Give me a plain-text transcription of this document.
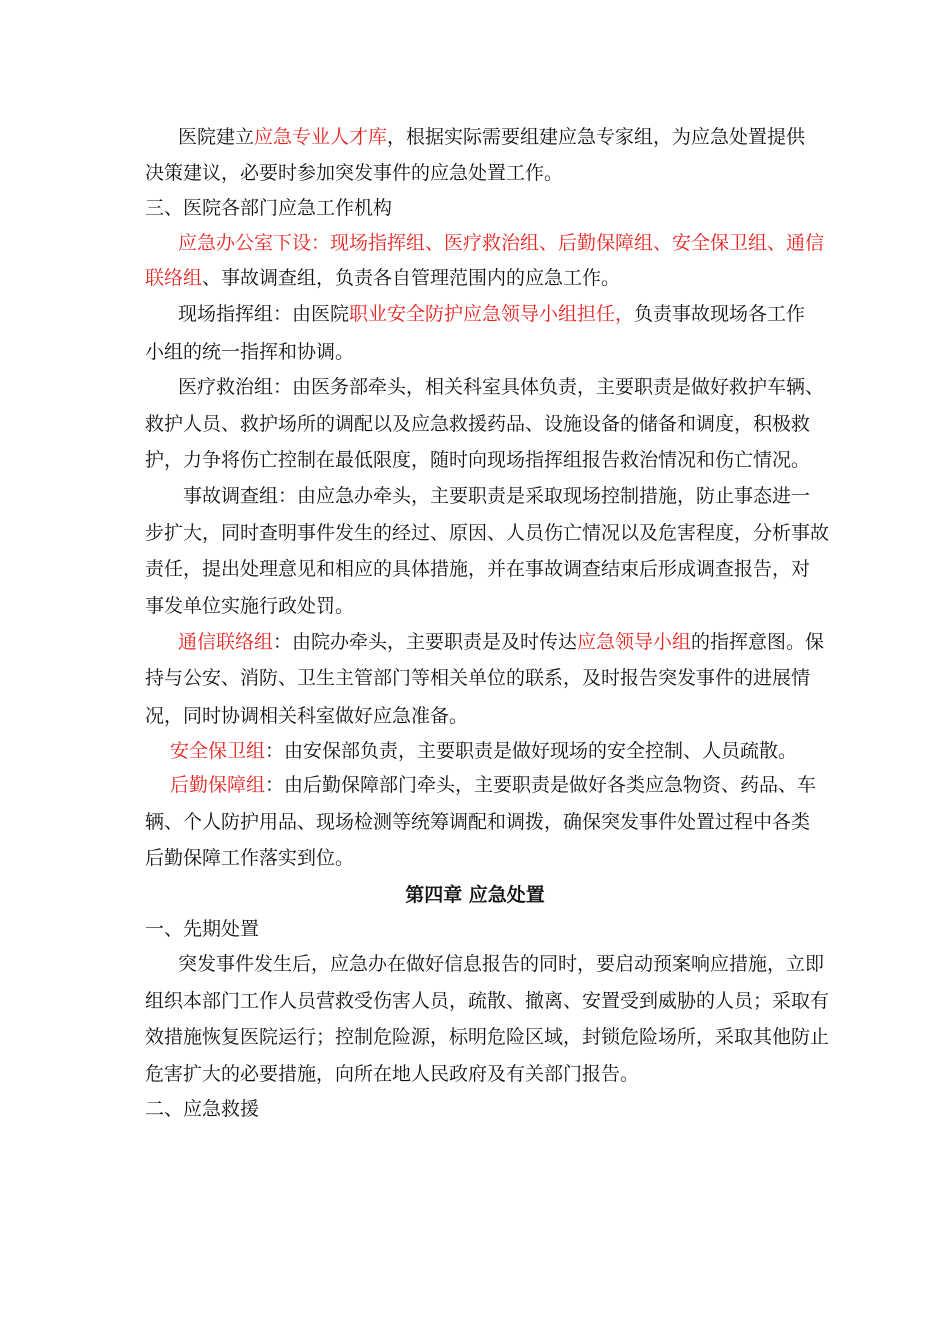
医院建立应急专业人才库，根据实际需要组建应急专家组，为应急处置提供
决策建议，必要时参加突发事件的应急处置工作。
三、医院各部门应急工作机构
应急办公室下设：现场指挥组、医疗救治组、后勤保障组、安全保卫组、通信
联络组、事故调查组，负责各自管理范围内的应急工作。
现场指挥组：由医院职业安全防护应急领导小组担任，负责事故现场各工作
小组的统一指挥和协调。
医疗救治组：由医务部牵头，相关科室具体负责，主要职责是做好救护车辆、
救护人员、救护场所的调配以及应急救援药品、设施设备的储备和调度，积极救
护，力争将伤亡控制在最低限度，随时向现场指挥组报告救治情况和伤亡情况。
事故调查组：由应急办牵头，主要职责是采取现场控制措施，防止事态进一
步扩大，同时查明事件发生的经过、原因、人员伤亡情况以及危害程度，分析事故
责任，提出处理意见和相应的具体措施，并在事故调查结束后形成调查报告，对
事发单位实施行政处罚。
通信联络组：由院办牵头，主要职责是及时传达应急领导小组的指挥意图。保
持与公安、消防、卫生主管部门等相关单位的联系，及时报告突发事件的进展情
况，同时协调相关科室做好应急准备。
安全保卫组：由安保部负责，主要职责是做好现场的安全控制、人员疏散。
后勤保障组：由后勤保障部门牵头，主要职责是做好各类应急物资、药品、车
辆、个人防护用品、现场检测等统筹调配和调拨，确保突发事件处置过程中各类
后勤保障工作落实到位。
第四章 应急处置
一、先期处置
突发事件发生后，应急办在做好信息报告的同时，要启动预案响应措施，立即
组织本部门工作人员营救受伤害人员，疏散、撤离、安置受到威胁的人员；采取有
效措施恢复医院运行；控制危险源，标明危险区域，封锁危险场所，采取其他防止
危害扩大的必要措施，向所在地人民政府及有关部门报告。
二、应急救援
